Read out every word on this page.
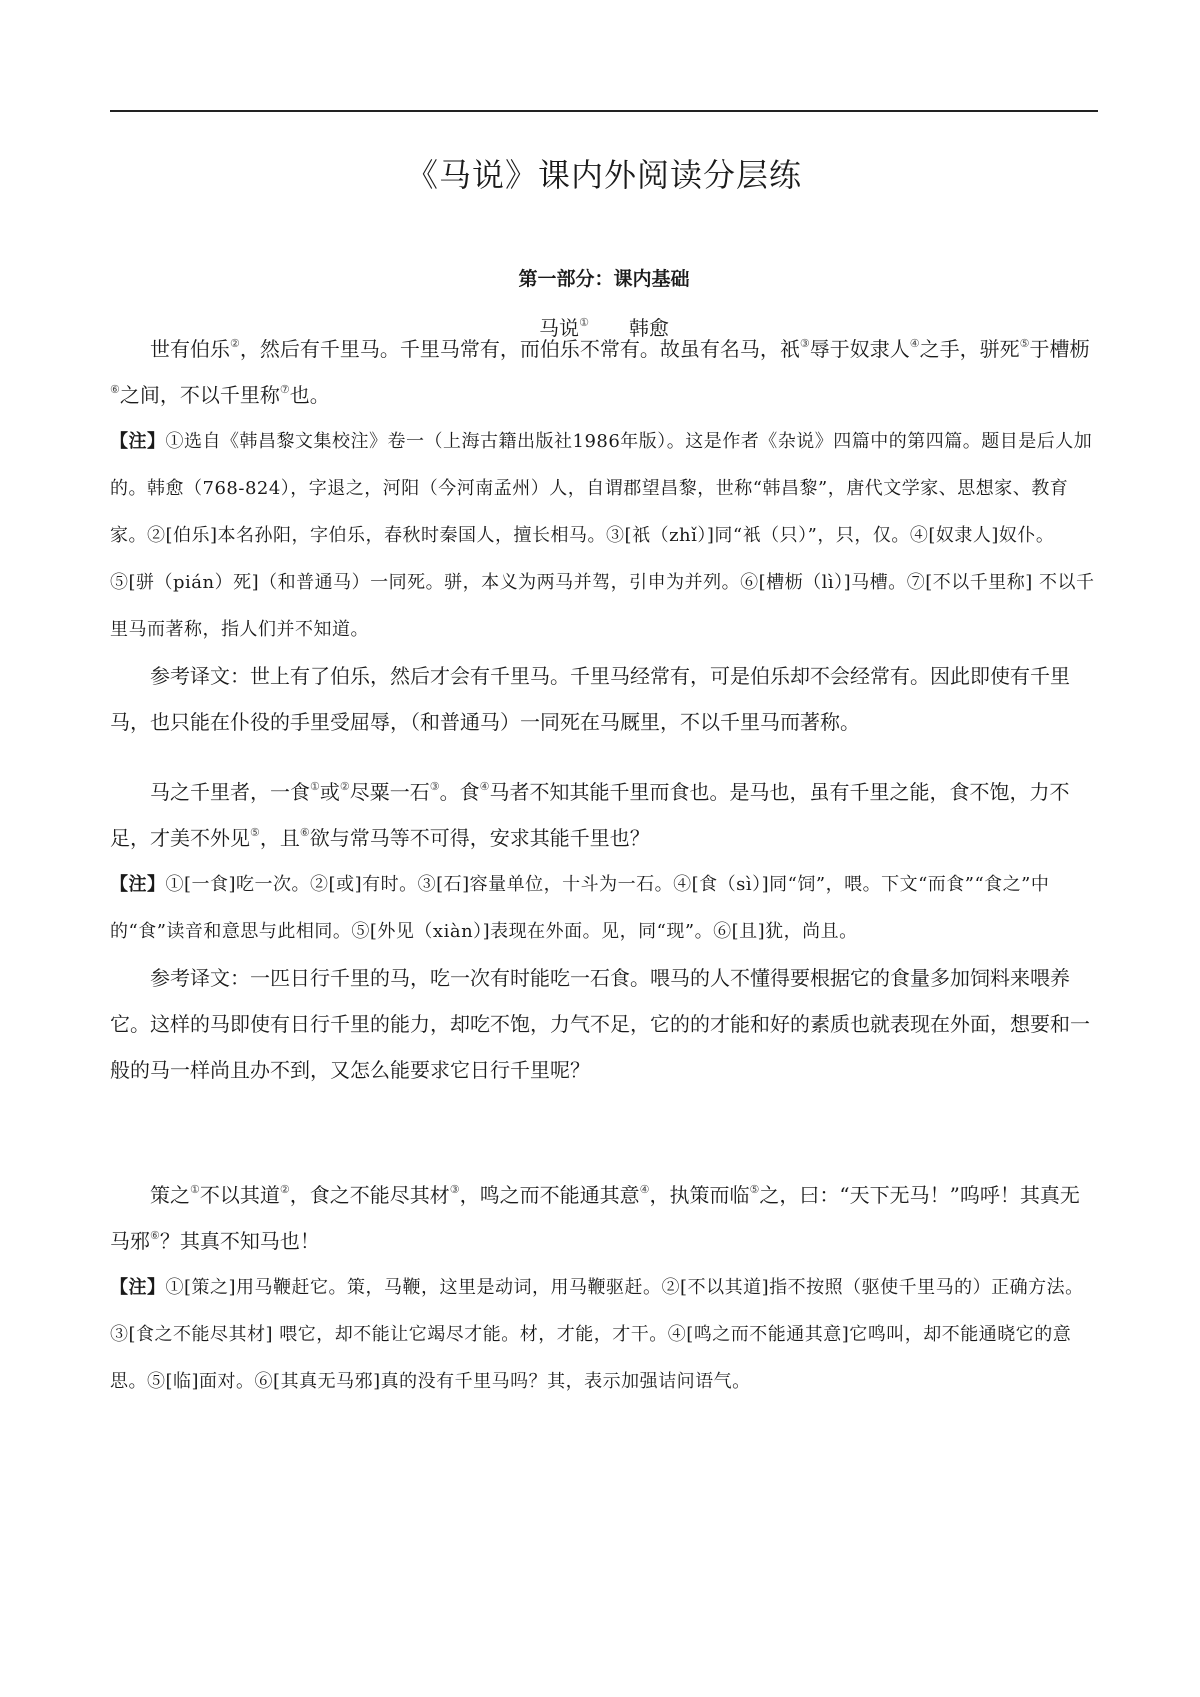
《马说》课内外阅读分层练
第一部分：课内基础
马说① 韩愈

世有伯乐②，然后有千里马。千里马常有，而伯乐不常有。故虽有名马，祇③辱于奴隶人④之手，骈死⑤于槽枥⑥之间，不以千里称⑦也。

【注】①选自《韩昌黎文集校注》卷一（上海古籍出版社1986年版）。这是作者《杂说》四篇中的第四篇。题目是后人加的。韩愈（768-824），字退之，河阳（今河南孟州）人，自谓郡望昌黎，世称“韩昌黎”，唐代文学家、思想家、教育家。②[伯乐]本名孙阳，字伯乐，春秋时秦国人，擅长相马。③[祇（zhǐ）]同“衹（只）”，只，仅。④[奴隶人]奴仆。⑤[骈（pián）死]（和普通马）一同死。骈，本义为两马并驾，引申为并列。⑥[槽枥（lì）]马槽。⑦[不以千里称] 不以千里马而著称，指人们并不知道。

参考译文：世上有了伯乐，然后才会有千里马。千里马经常有，可是伯乐却不会经常有。因此即使有千里马，也只能在仆役的手里受屈辱，（和普通马）一同死在马厩里，不以千里马而著称。

马之千里者，一食①或②尽粟一石③。食④马者不知其能千里而食也。是马也，虽有千里之能，食不饱，力不足，才美不外见⑤，且⑥欲与常马等不可得，安求其能千里也？

【注】①[一食]吃一次。②[或]有时。③[石]容量单位，十斗为一石。④[食（sì）]同“饲”，喂。下文“而食”“食之”中的“食”读音和意思与此相同。⑤[外见（xiàn）]表现在外面。见，同“现”。⑥[且]犹，尚且。

参考译文：一匹日行千里的马，吃一次有时能吃一石食。喂马的人不懂得要根据它的食量多加饲料来喂养它。这样的马即使有日行千里的能力，却吃不饱，力气不足，它的的才能和好的素质也就表现在外面，想要和一般的马一样尚且办不到，又怎么能要求它日行千里呢？

策之①不以其道②，食之不能尽其材③，鸣之而不能通其意④，执策而临⑤之，曰：“天下无马！”呜呼！其真无马邪⑥？其真不知马也！

【注】①[策之]用马鞭赶它。策，马鞭，这里是动词，用马鞭驱赶。②[不以其道]指不按照（驱使千里马的）正确方法。③[食之不能尽其材] 喂它，却不能让它竭尽才能。材，才能，才干。④[鸣之而不能通其意]它鸣叫，却不能通晓它的意思。⑤[临]面对。⑥[其真无马邪]真的没有千里马吗？其，表示加强诘问语气。
